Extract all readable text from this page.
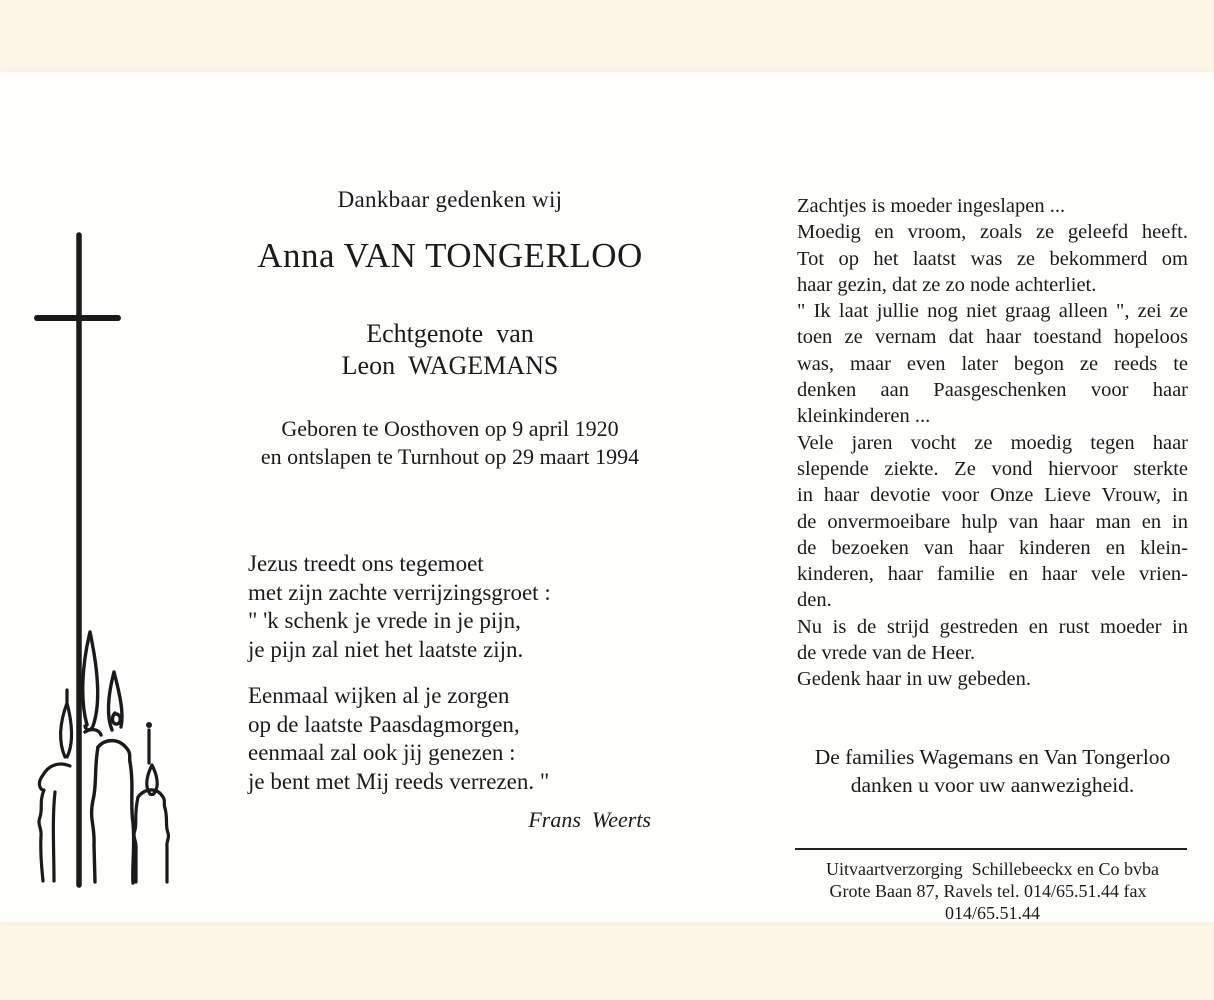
Dankbaar gedenken wij
Anna VAN TONGERLOO
Echtgenote van
Leon WAGEMANS
Geboren te Oosthoven op 9 april 1920
en ontslapen te Turnhout op 29 maart 1994
Jezus treedt ons tegemoet
met zijn zachte verrijzingsgroet :
" 'k schenk je vrede in je pijn,
je pijn zal niet het laatste zijn.
Eenmaal wijken al je zorgen
op de laatste Paasdagmorgen,
eenmaal zal ook jij genezen :
je bent met Mij reeds verrezen. "
Frans Weerts
Zachtjes is moeder ingeslapen ...
Moedig en vroom, zoals ze geleefd heeft.
Tot op het laatst was ze bekommerd om
haar gezin, dat ze zo node achterliet.
" Ik laat jullie nog niet graag alleen ", zei ze
toen ze vernam dat haar toestand hopeloos
was, maar even later begon ze reeds te
denken aan Paasgeschenken voor haar
kleinkinderen ...
Vele jaren vocht ze moedig tegen haar
slepende ziekte. Ze vond hiervoor sterkte
in haar devotie voor Onze Lieve Vrouw, in
de onvermoeibare hulp van haar man en in
de bezoeken van haar kinderen en klein-
kinderen, haar familie en haar vele vrien-
den.
Nu is de strijd gestreden en rust moeder in
de vrede van de Heer.
Gedenk haar in uw gebeden.
De families Wagemans en Van Tongerloo
danken u voor uw aanwezigheid.
Uitvaartverzorging Schillebeeckx en Co bvba
Grote Baan 87, Ravels tel. 014/65.51.44 fax 014/65.51.44
